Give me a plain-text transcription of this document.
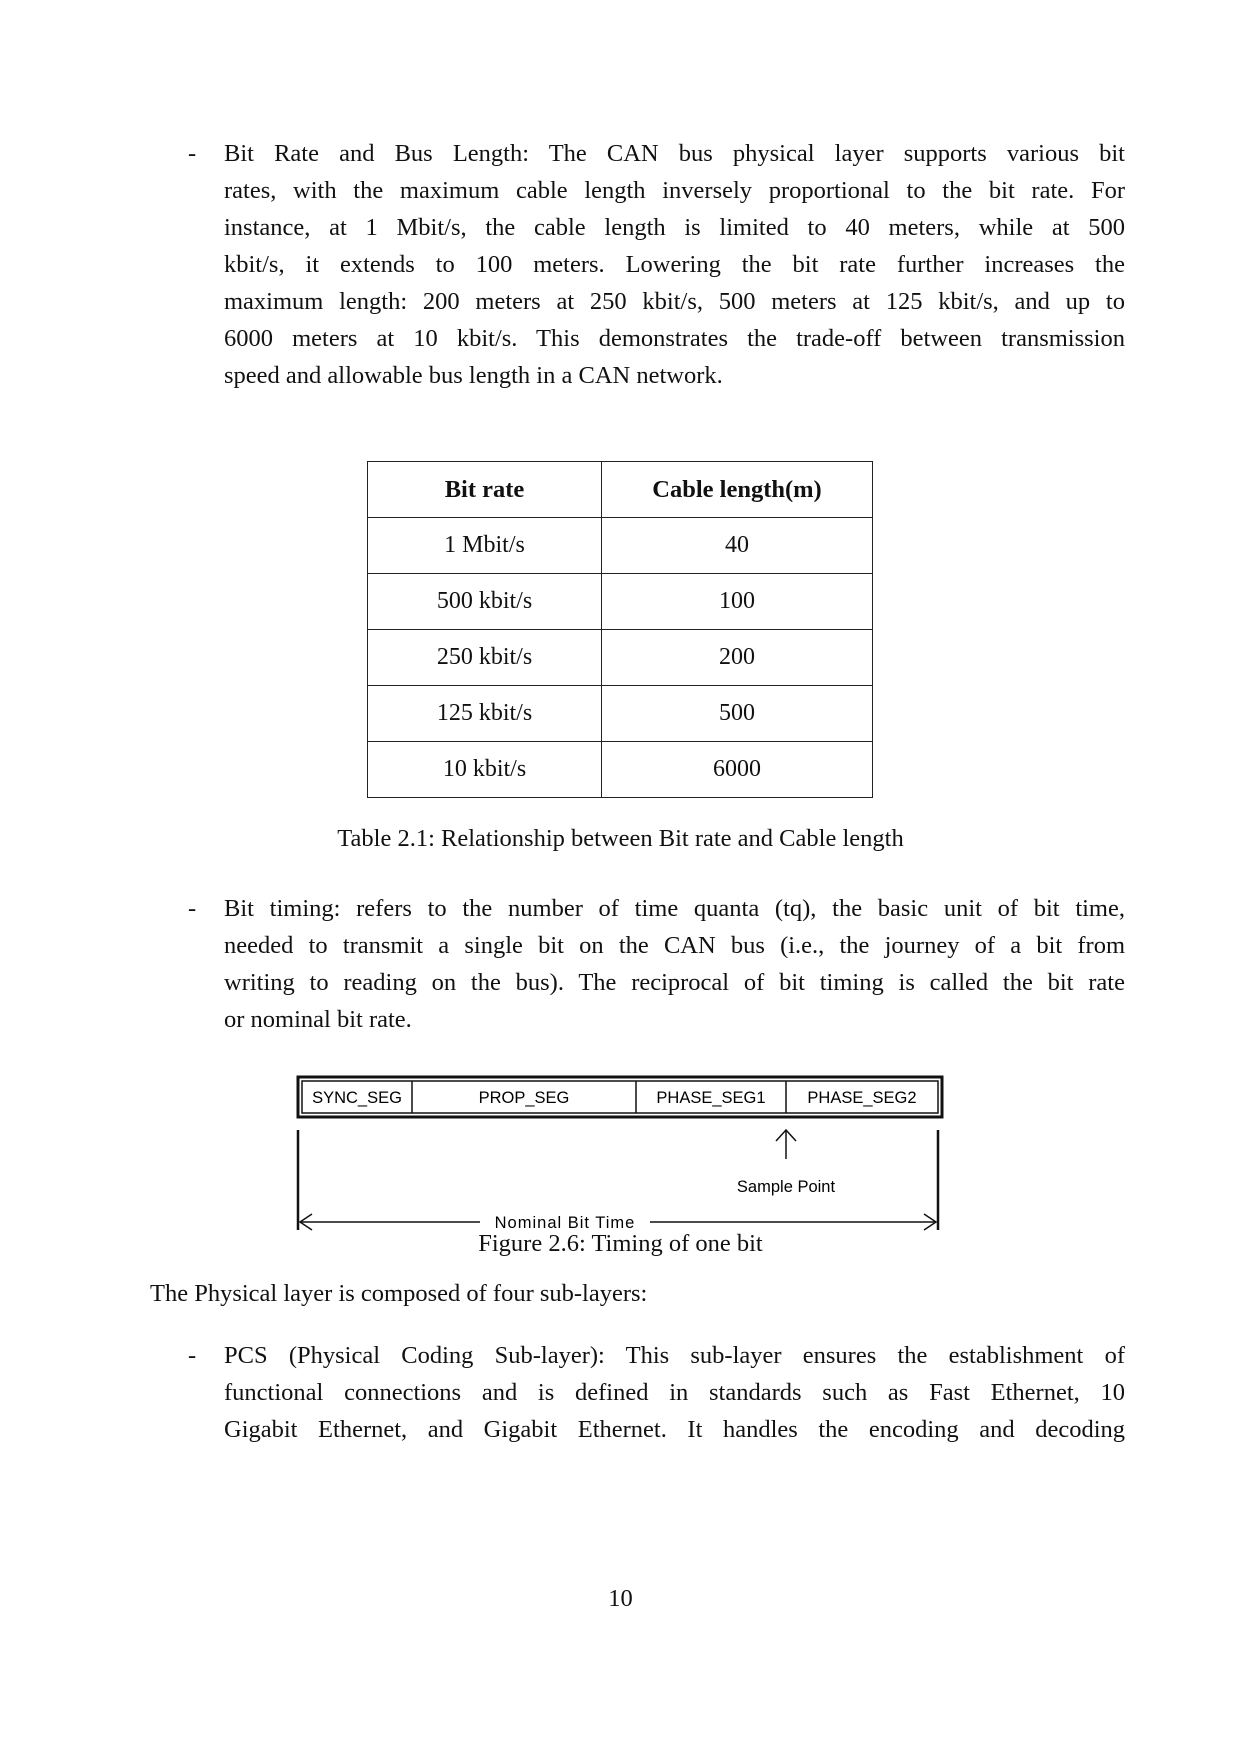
-	Bit Rate and Bus Length: The CAN bus physical layer supports various bit
rates, with the maximum cable length inversely proportional to the bit rate. For
instance, at 1 Mbit/s, the cable length is limited to 40 meters, while at 500
kbit/s, it extends to 100 meters. Lowering the bit rate further increases the
maximum length: 200 meters at 250 kbit/s, 500 meters at 125 kbit/s, and up to
6000 meters at 10 kbit/s. This demonstrates the trade-off between transmission
speed and allowable bus length in a CAN network.
Bit rate	Cable length(m)
1 Mbit/s	40
500 kbit/s	100
250 kbit/s	200
125 kbit/s	500
10 kbit/s	6000
Table 2.1: Relationship between Bit rate and Cable length
-	Bit timing: refers to the number of time quanta (tq), the basic unit of bit time,
needed to transmit a single bit on the CAN bus (i.e., the journey of a bit from
writing to reading on the bus). The reciprocal of bit timing is called the bit rate
or nominal bit rate.
SYNC_SEG	PROP_SEG	PHASE_SEG1	PHASE_SEG2
Sample Point
Nominal Bit Time
Figure 2.6: Timing of one bit
The Physical layer is composed of four sub-layers:
-	PCS (Physical Coding Sub-layer): This sub-layer ensures the establishment of
functional connections and is defined in standards such as Fast Ethernet, 10
Gigabit Ethernet, and Gigabit Ethernet. It handles the encoding and decoding
10
